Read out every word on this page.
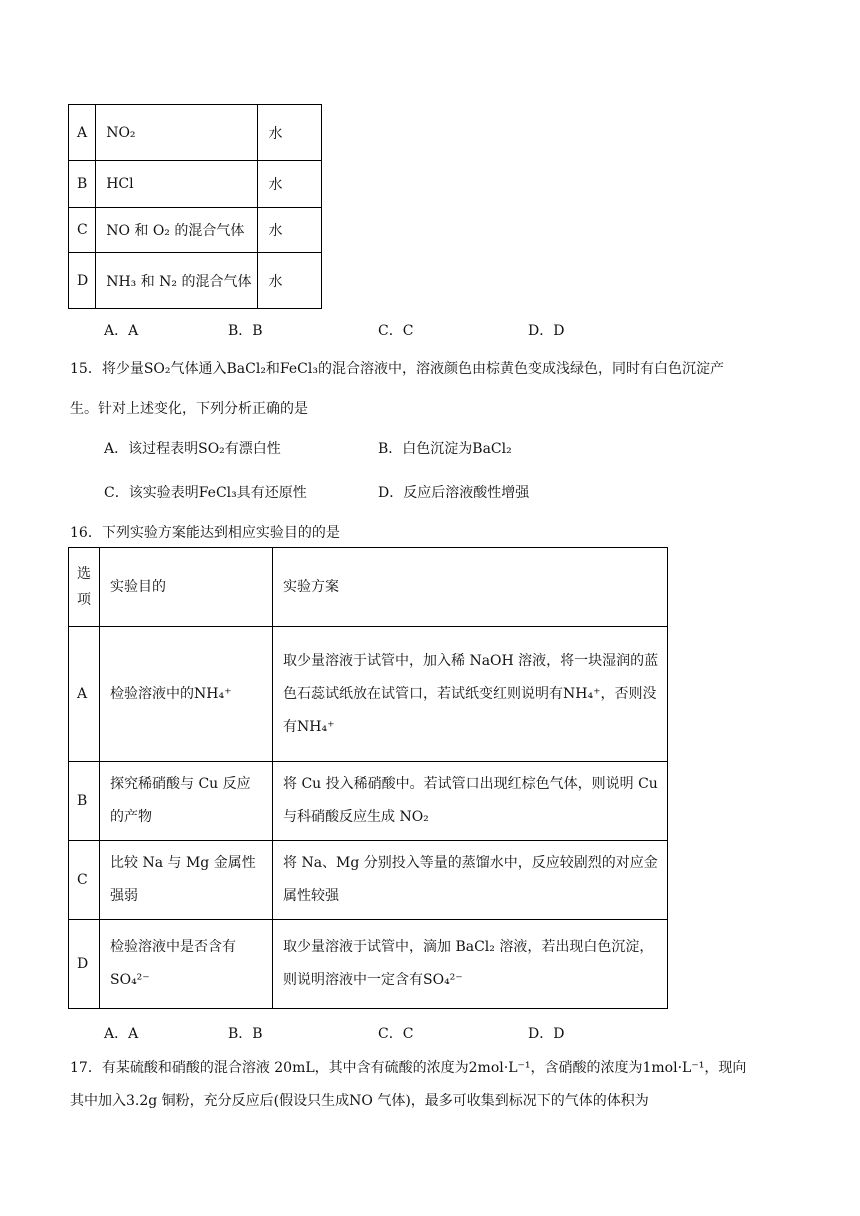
A	NO₂	水
B	HCl	水
C	NO 和 O₂ 的混合气体	水
D	NH₃ 和 N₂ 的混合气体	水
A．A	B．B	C．C	D．D
15．将少量SO₂气体通入BaCl₂和FeCl₃的混合溶液中，溶液颜色由棕黄色变成浅绿色，同时有白色沉淀产
生。针对上述变化，下列分析正确的是
A．该过程表明SO₂有漂白性	B．白色沉淀为BaCl₂
C．该实验表明FeCl₃具有还原性	D．反应后溶液酸性增强
16．下列实验方案能达到相应实验目的的是
选项	实验目的	实验方案
A	检验溶液中的NH₄⁺	取少量溶液于试管中，加入稀 NaOH 溶液，将一块湿润的蓝色石蕊试纸放在试管口，若试纸变红则说明有NH₄⁺，否则没有NH₄⁺
B	探究稀硝酸与 Cu 反应的产物	将 Cu 投入稀硝酸中。若试管口出现红棕色气体，则说明 Cu 与科硝酸反应生成 NO₂
C	比较 Na 与 Mg 金属性强弱	将 Na、Mg 分别投入等量的蒸馏水中，反应较剧烈的对应金属性较强
D	检验溶液中是否含有 SO₄²⁻	取少量溶液于试管中，滴加 BaCl₂ 溶液，若出现白色沉淀，则说明溶液中一定含有SO₄²⁻
A．A	B．B	C．C	D．D
17．有某硫酸和硝酸的混合溶液 20mL，其中含有硫酸的浓度为2mol·L⁻¹，含硝酸的浓度为1mol·L⁻¹，现向
其中加入3.2g 铜粉，充分反应后(假设只生成NO 气体)，最多可收集到标况下的气体的体积为
